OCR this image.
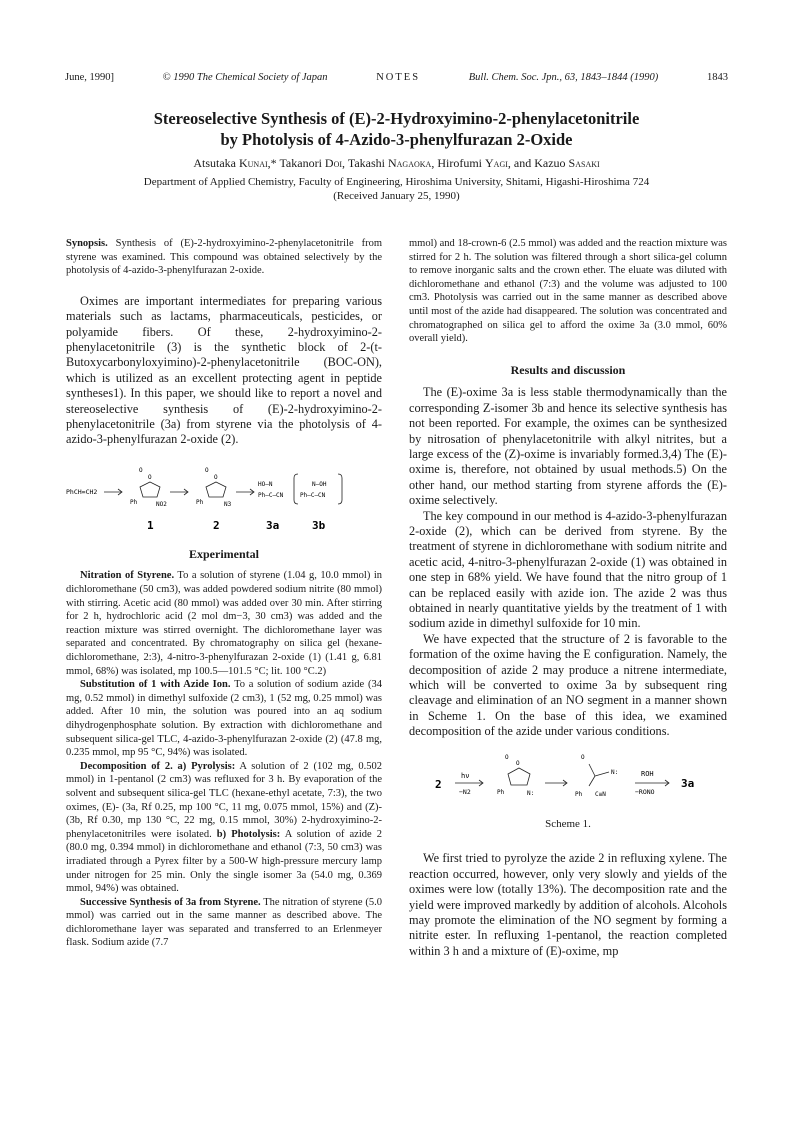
June, 1990]	© 1990 The Chemical Society of Japan	NOTES	Bull. Chem. Soc. Jpn., 63, 1843–1844 (1990)	1843
Stereoselective Synthesis of (E)-2-Hydroxyimino-2-phenylacetonitrile
by Photolysis of 4-Azido-3-phenylfurazan 2-Oxide
Atsutaka Kunai,* Takanori Doi, Takashi Nagaoka, Hirofumi Yagi, and Kazuo Sasaki
Department of Applied Chemistry, Faculty of Engineering, Hiroshima University, Shitami, Higashi-Hiroshima 724
(Received January 25, 1990)

Synopsis. Synthesis of (E)-2-hydroxyimino-2-phenylacetonitrile from styrene was examined. This compound was obtained selectively by the photolysis of 4-azido-3-phenylfurazan 2-oxide.

Oximes are important intermediates for preparing various materials such as lactams, pharmaceuticals, pesticides, or polyamide fibers. Of these, 2-hydroxyimino-2-phenylacetonitrile (3) is the synthetic block of 2-(t-Butoxycarbonyloxyimino)-2-phenylacetonitrile (BOC-ON), which is utilized as an excellent protecting agent in peptide syntheses1). In this paper, we should like to report a novel and stereoselective synthesis of (E)-2-hydroxyimino-2-phenylacetonitrile (3a) from styrene via the photolysis of 4-azido-3-phenylfurazan 2-oxide (2).

PhCH=CH2
O
O
Ph	NO2
O
O
Ph	N3
HO—N
Ph—C—CN
N—OH
Ph—C—CN
1	2	3a	3b

Experimental

Nitration of Styrene. To a solution of styrene (1.04 g, 10.0 mmol) in dichloromethane (50 cm3), was added powdered sodium nitrite (80 mmol) with stirring. Acetic acid (80 mmol) was added over 30 min. After stirring for 2 h, hydrochloric acid (2 mol dm−3, 30 cm3) was added and the reaction mixture was stirred overnight. The dichloromethane layer was separated and concentrated. By chromatography on silica gel (hexane-dichloromethane, 2:3), 4-nitro-3-phenylfurazan 2-oxide (1) (1.41 g, 6.81 mmol, 68%) was isolated, mp 100.5—101.5 °C; lit. 100 °C.2)

Substitution of 1 with Azide Ion. To a solution of sodium azide (34 mg, 0.52 mmol) in dimethyl sulfoxide (2 cm3), 1 (52 mg, 0.25 mmol) was added. After 10 min, the solution was poured into an aq sodium dihydrogenphosphate solution. By extraction with dichloromethane and subsequent silica-gel TLC, 4-azido-3-phenylfurazan 2-oxide (2) (47.8 mg, 0.235 mmol, mp 95 °C, 94%) was isolated.

Decomposition of 2. a) Pyrolysis: A solution of 2 (102 mg, 0.502 mmol) in 1-pentanol (2 cm3) was refluxed for 3 h. By evaporation of the solvent and subsequent silica-gel TLC (hexane-ethyl acetate, 7:3), the two oximes, (E)- (3a, Rf 0.25, mp 100 °C, 11 mg, 0.075 mmol, 15%) and (Z)- (3b, Rf 0.30, mp 130 °C, 22 mg, 0.15 mmol, 30%) 2-hydroxyimino-2-phenylacetonitriles were isolated. b) Photolysis: A solution of azide 2 (80.0 mg, 0.394 mmol) in dichloromethane and ethanol (7:3, 50 cm3) was irradiated through a Pyrex filter by a 500-W high-pressure mercury lamp under nitrogen for 25 min. Only the single isomer 3a (54.0 mg, 0.369 mmol, 94%) was obtained.

Successive Synthesis of 3a from Styrene. The nitration of styrene (5.0 mmol) was carried out in the same manner as described above. The dichloromethane layer was separated and transferred to an Erlenmeyer flask. Sodium azide (7.7

mmol) and 18-crown-6 (2.5 mmol) was added and the reaction mixture was stirred for 2 h. The solution was filtered through a short silica-gel column to remove inorganic salts and the crown ether. The eluate was diluted with dichloromethane and ethanol (7:3) and the volume was adjusted to 100 cm3. Photolysis was carried out in the same manner as described above until most of the azide had disappeared. The solution was concentrated and chromatographed on silica gel to afford the oxime 3a (3.0 mmol, 60% overall yield).

Results and discussion

The (E)-oxime 3a is less stable thermodynamically than the corresponding Z-isomer 3b and hence its selective synthesis has not been reported. For example, the oximes can be synthesized by nitrosation of phenylacetonitrile with alkyl nitrites, but a large excess of the (Z)-oxime is invariably formed.3,4) The (E)-oxime is, therefore, not obtained by usual methods.5) On the other hand, our method starting from styrene affords the (E)-oxime selectively.

The key compound in our method is 4-azido-3-phenylfurazan 2-oxide (2), which can be derived from styrene. By the treatment of styrene in dichloromethane with sodium nitrite and acetic acid, 4-nitro-3-phenylfurazan 2-oxide (1) was obtained in one step in 68% yield. We have found that the nitro group of 1 can be replaced easily with azide ion. The azide 2 was thus obtained in nearly quantitative yields by the treatment of 1 with sodium azide in dimethyl sulfoxide for 10 min.

We have expected that the structure of 2 is favorable to the formation of the oxime having the E configuration. Namely, the decomposition of azide 2 may produce a nitrene intermediate, which will be converted to oxime 3a by subsequent ring cleavage and elimination of an NO segment in a manner shown in Scheme 1. On the base of this idea, we examined decomposition of the azide under various conditions.

2
hν
−N2
O
O
Ph	N:
O
N:
Ph C≡N
ROH
−RONO
3a

Scheme 1.

We first tried to pyrolyze the azide 2 in refluxing xylene. The reaction occurred, however, only very slowly and yields of the oximes were low (totally 13%). The decomposition rate and the yield were improved markedly by addition of alcohols. Alcohols may promote the elimination of the NO segment by forming a nitrite ester. In refluxing 1-pentanol, the reaction completed within 3 h and a mixture of (E)-oxime, mp
